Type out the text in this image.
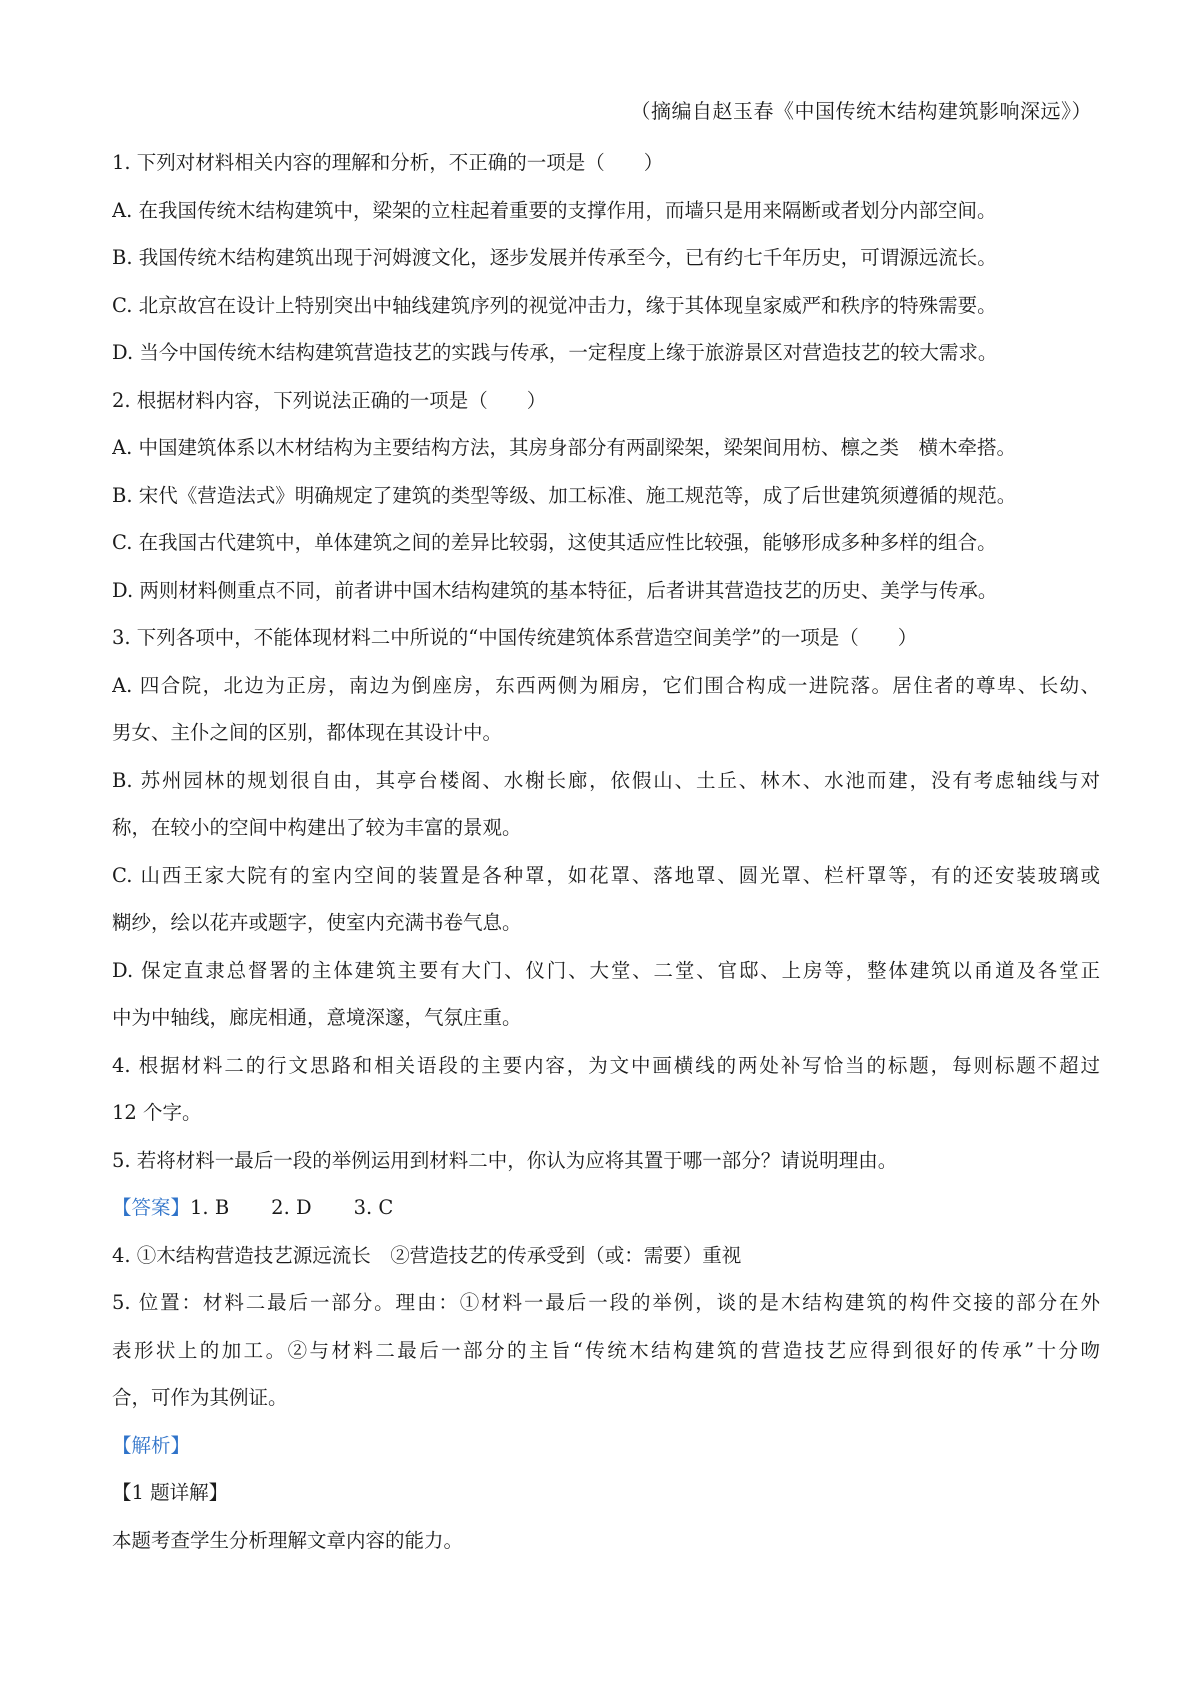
（摘编自赵玉春《中国传统木结构建筑影响深远》）
1. 下列对材料相关内容的理解和分析，不正确的一项是（　　）
A. 在我国传统木结构建筑中，梁架的立柱起着重要的支撑作用，而墙只是用来隔断或者划分内部空间。
B. 我国传统木结构建筑出现于河姆渡文化，逐步发展并传承至今，已有约七千年历史，可谓源远流长。
C. 北京故宫在设计上特别突出中轴线建筑序列的视觉冲击力，缘于其体现皇家威严和秩序的特殊需要。
D. 当今中国传统木结构建筑营造技艺的实践与传承，一定程度上缘于旅游景区对营造技艺的较大需求。
2. 根据材料内容，下列说法正确的一项是（　　）
A. 中国建筑体系以木材结构为主要结构方法，其房身部分有两副梁架，梁架间用枋、檩之类　横木牵搭。
B. 宋代《营造法式》明确规定了建筑的类型等级、加工标准、施工规范等，成了后世建筑须遵循的规范。
C. 在我国古代建筑中，单体建筑之间的差异比较弱，这使其适应性比较强，能够形成多种多样的组合。
D. 两则材料侧重点不同，前者讲中国木结构建筑的基本特征，后者讲其营造技艺的历史、美学与传承。
3. 下列各项中，不能体现材料二中所说的“中国传统建筑体系营造空间美学”的一项是（　　）
A. 四合院，北边为正房，南边为倒座房，东西两侧为厢房，它们围合构成一进院落。居住者的尊卑、长幼、
男女、主仆之间的区别，都体现在其设计中。
B. 苏州园林的规划很自由，其亭台楼阁、水榭长廊，依假山、土丘、林木、水池而建，没有考虑轴线与对
称，在较小的空间中构建出了较为丰富的景观。
C. 山西王家大院有的室内空间的装置是各种罩，如花罩、落地罩、圆光罩、栏杆罩等，有的还安装玻璃或
糊纱，绘以花卉或题字，使室内充满书卷气息。
D. 保定直隶总督署的主体建筑主要有大门、仪门、大堂、二堂、官邸、上房等，整体建筑以甬道及各堂正
中为中轴线，廊庑相通，意境深邃，气氛庄重。
4. 根据材料二的行文思路和相关语段的主要内容，为文中画横线的两处补写恰当的标题，每则标题不超过
12 个字。
5. 若将材料一最后一段的举例运用到材料二中，你认为应将其置于哪一部分？请说明理由。
【答案】1. B 2. D 3. C
4. ①木结构营造技艺源远流长　②营造技艺的传承受到（或：需要）重视
5. 位置：材料二最后一部分。理由：①材料一最后一段的举例，谈的是木结构建筑的构件交接的部分在外
表形状上的加工。②与材料二最后一部分的主旨“传统木结构建筑的营造技艺应得到很好的传承”十分吻
合，可作为其例证。
【解析】
【1 题详解】
本题考查学生分析理解文章内容的能力。
